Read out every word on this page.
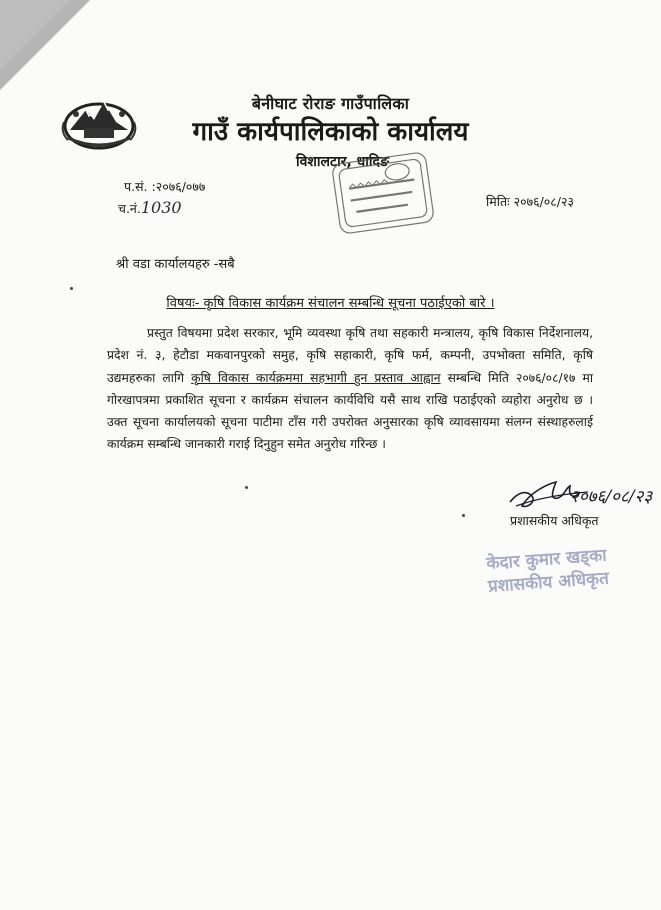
बेनीघाट रोराङ गाउँपालिका
गाउँ कार्यपालिकाको कार्यालय
विशालटार, धादिङ
प.सं. :२०७६/०७७
च.नं.1030	मितिः २०७६/०८/२३
श्री वडा कार्यालयहरु -सबै
विषयः- कृषि विकास कार्यक्रम संचालन सम्बन्धि सूचना पठाईएको बारे ।
प्रस्तुत विषयमा प्रदेश सरकार, भूमि व्यवस्था कृषि तथा सहकारी मन्त्रालय, कृषि विकास निर्देशनालय, प्रदेश नं. ३, हेटौडा मकवानपुरको समुह, कृषि सहाकारी, कृषि फर्म, कम्पनी, उपभोक्ता समिति, कृषि उद्यमहरुका लागि कृषि विकास कार्यक्रममा सहभागी हुन प्रस्ताव आह्वान सम्बन्धि मिति २०७६/०८/१७ मा गोरखापत्रमा प्रकाशित सूचना र कार्यक्रम संचालन कार्यविधि यसै साथ राखि पठाईएको व्यहोरा अनुरोध छ । उक्त सूचना कार्यालयको सूचना पाटीमा टाँस गरी उपरोक्त अनुसारका कृषि व्यावसायमा संलग्न संस्थाहरुलाई कार्यक्रम सम्बन्धि जानकारी गराई दिनुहुन समेत अनुरोध गरिन्छ ।
२०७६/०८/२३
प्रशासकीय अधिकृत
केदार कुमार खड्का
प्रशासकीय अधिकृत
